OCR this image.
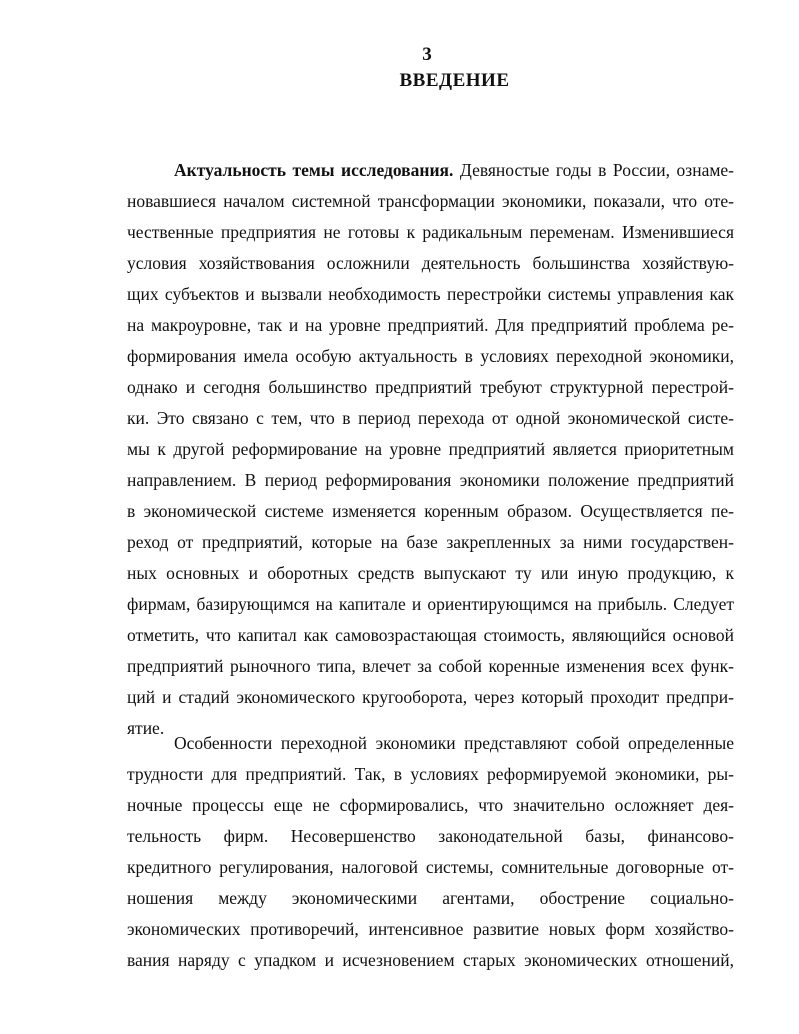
3
ВВЕДЕНИЕ
Актуальность темы исследования. Девяностые годы в России, ознаме-
новавшиеся началом системной трансформации экономики, показали, что оте-
чественные предприятия не готовы к радикальным переменам. Изменившиеся
условия хозяйствования осложнили деятельность большинства хозяйствую-
щих субъектов и вызвали необходимость перестройки системы управления как
на макроуровне, так и на уровне предприятий. Для предприятий проблема ре-
формирования имела особую актуальность в условиях переходной экономики,
однако и сегодня большинство предприятий требуют структурной перестрой-
ки. Это связано с тем, что в период перехода от одной экономической систе-
мы к другой реформирование на уровне предприятий является приоритетным
направлением. В период реформирования экономики положение предприятий
в экономической системе изменяется коренным образом. Осуществляется пе-
реход от предприятий, которые на базе закрепленных за ними государствен-
ных основных и оборотных средств выпускают ту или иную продукцию, к
фирмам, базирующимся на капитале и ориентирующимся на прибыль. Следует
отметить, что капитал как самовозрастающая стоимость, являющийся основой
предприятий рыночного типа, влечет за собой коренные изменения всех функ-
ций и стадий экономического кругооборота, через который проходит предпри-
ятие.
Особенности переходной экономики представляют собой определенные
трудности для предприятий. Так, в условиях реформируемой экономики, ры-
ночные процессы еще не сформировались, что значительно осложняет дея-
тельность фирм. Несовершенство законодательной базы, финансово-
кредитного регулирования, налоговой системы, сомнительные договорные от-
ношения между экономическими агентами, обострение социально-
экономических противоречий, интенсивное развитие новых форм хозяйство-
вания наряду с упадком и исчезновением старых экономических отношений,
